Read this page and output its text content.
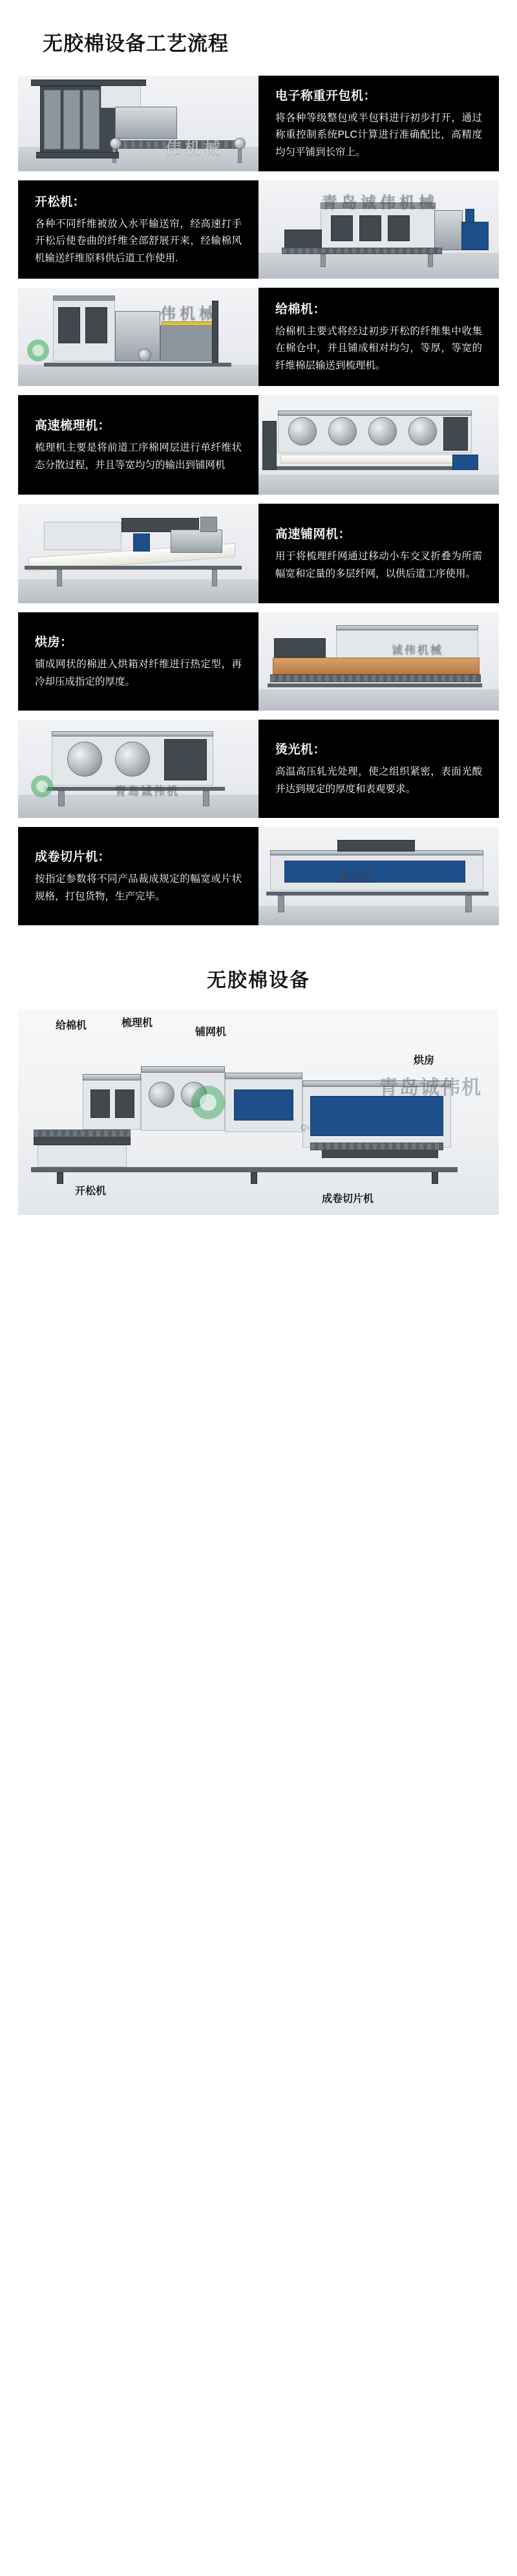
无胶棉设备工艺流程
伟机械
电子称重开包机：

将各种等级整包或半包料进行初步打开，通过称重控制系统PLC计算进行准确配比，高精度均匀平铺到长帘上。

青岛诚伟机械
开松机：

各种不同纤维被放入水平输送帘，经高速打手开松后使卷曲的纤维全部舒展开来，经输棉风机输送纤维原料供后道工作使用.

伟机械	给棉机：

给棉机主要式将经过初步开松的纤维集中收集在棉仓中，并且铺成相对均匀，等厚，等宽的纤维棉层输送到梳理机。

高速梳理机：

梳理机主要是将前道工序棉网层进行单纤维状态分散过程，并且等宽均匀的输出到铺网机

高速铺网机：

用于将梳理纤网通过移动小车交叉折叠为所需幅宽和定量的多层纤网，以供后道工序使用。

诚伟机械
烘房：

铺成网状的棉进入烘箱对纤维进行热定型，再冷却压成指定的厚度。

青岛诚伟机
烫光机：

高温高压轧光处理，使之组织紧密，表面光酸并达到规定的厚度和表观要求。

诚伟机
成卷切片机：

按指定参数将不同产品裁成规定的幅宽或片状规格，打包货物，生产完毕。

无胶棉设备
青岛诚伟机
Qingdao Chengwei Machinery
给棉机	梳理机
铺网机
烘房
开松机
成卷切片机
